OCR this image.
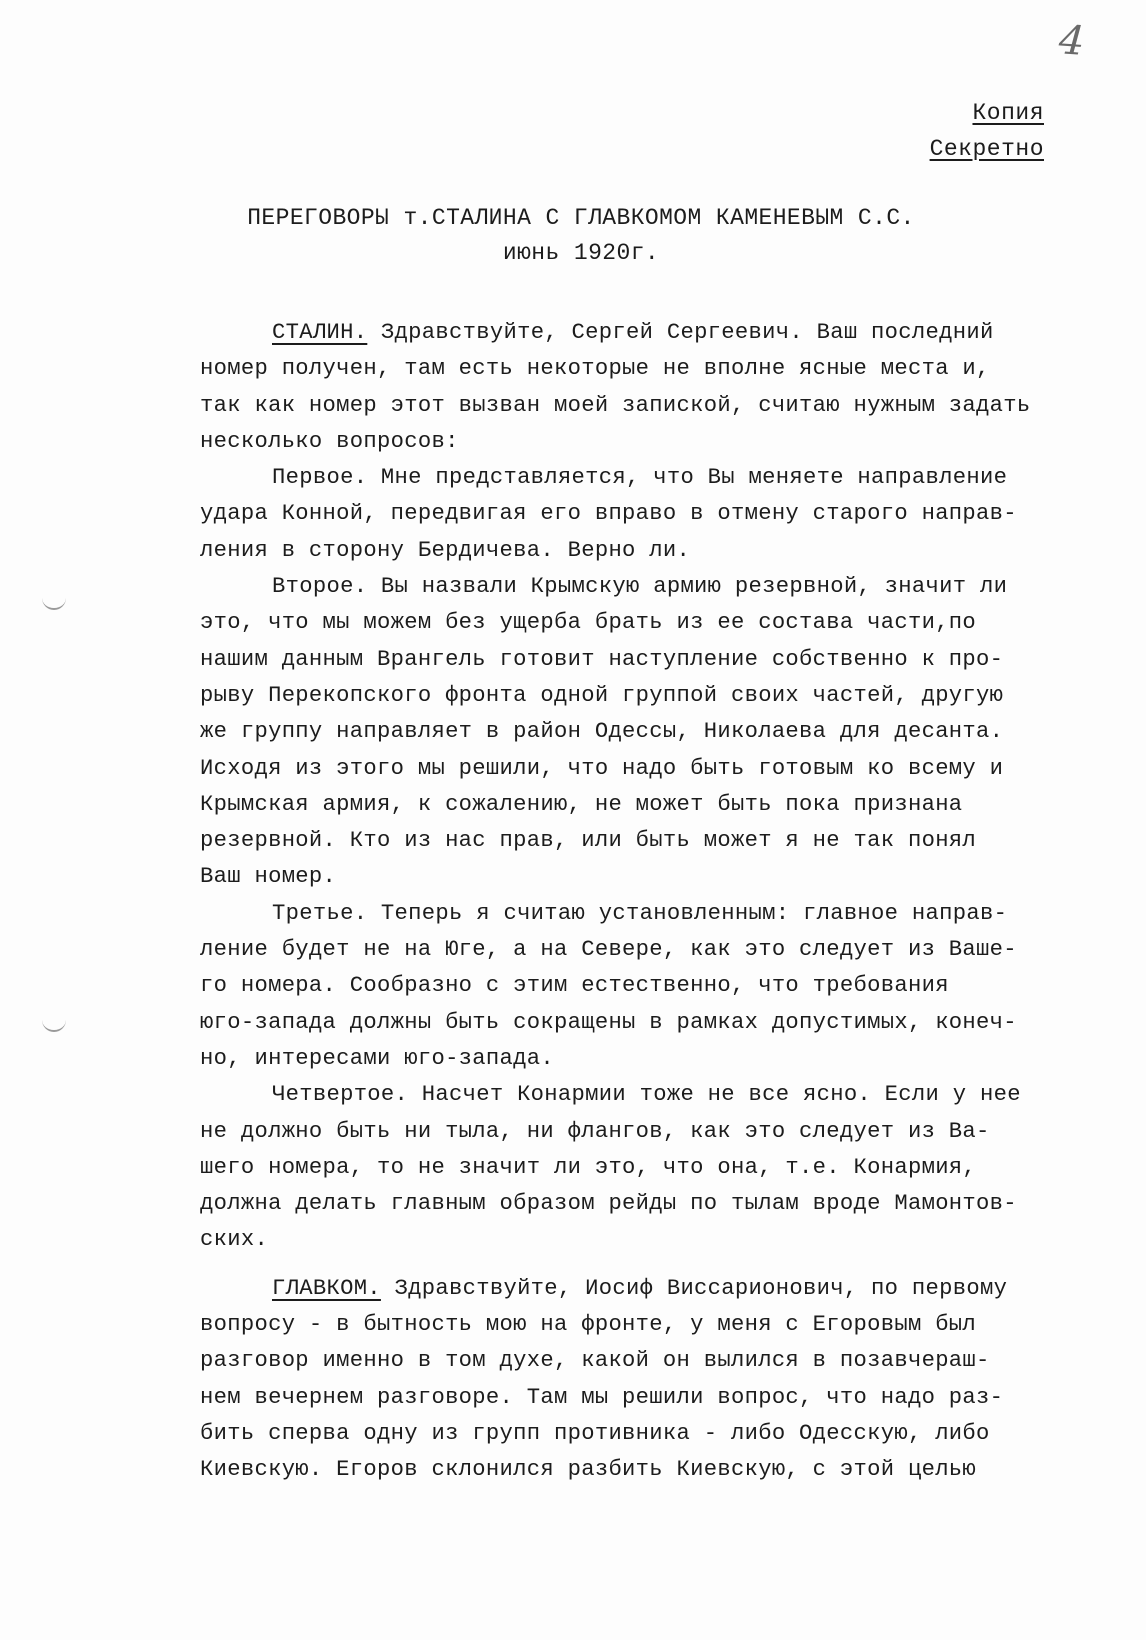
4
Копия
Секретно
ПЕРЕГОВОРЫ т.СТАЛИНА С ГЛАВКОМОМ КАМЕНЕВЫМ С.С.
июнь 1920г.

СТАЛИН. Здравствуйте, Сергей Сергеевич. Ваш последний
номер получен, там есть некоторые не вполне ясные места и,
так как номер этот вызван моей запиской, считаю нужным задать
несколько вопросов:

Первое. Мне представляется, что Вы меняете направление
удара Конной, передвигая его вправо в отмену старого направ-
ления в сторону Бердичева. Верно ли.

Второе. Вы назвали Крымскую армию резервной, значит ли
это, что мы можем без ущерба брать из ее состава части,по
нашим данным Врангель готовит наступление собственно к про-
рыву Перекопского фронта одной группой своих частей, другую
же группу направляет в район Одессы, Николаева для десанта.
Исходя из этого мы решили, что надо быть готовым ко всему и
Крымская армия, к сожалению, не может быть пока признана
резервной. Кто из нас прав, или быть может я не так понял
Ваш номер.

Третье. Теперь я считаю установленным: главное направ-
ление будет не на Юге, а на Севере, как это следует из Ваше-
го номера. Сообразно с этим естественно, что требования
юго-запада должны быть сокращены в рамках допустимых, конеч-
но, интересами юго-запада.

Четвертое. Насчет Конармии тоже не все ясно. Если у нее
не должно быть ни тыла, ни флангов, как это следует из Ва-
шего номера, то не значит ли это, что она, т.е. Конармия,
должна делать главным образом рейды по тылам вроде Мамонтов-
ских.

ГЛАВКОМ. Здравствуйте, Иосиф Виссарионович, по первому
вопросу - в бытность мою на фронте, у меня с Егоровым был
разговор именно в том духе, какой он вылился в позавчераш-
нем вечернем разговоре. Там мы решили вопрос, что надо раз-
бить сперва одну из групп противника - либо Одесскую, либо
Киевскую. Егоров склонился разбить Киевскую, с этой целью
